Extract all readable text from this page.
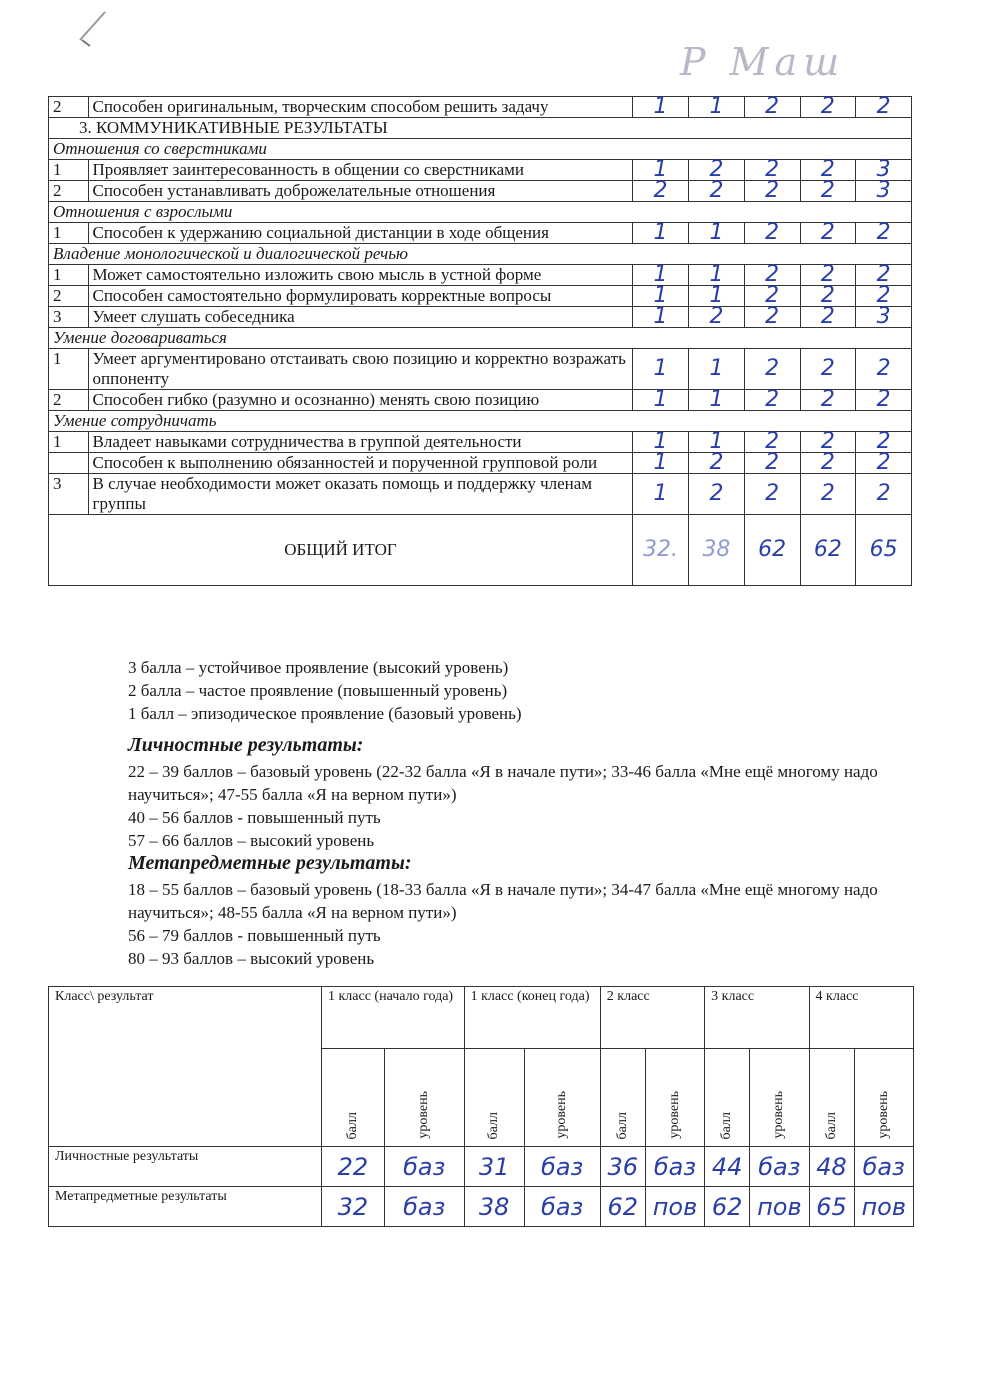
P Маш
2	Способен оригинальным, творческим способом решить задачу	1	1	2	2	2
3. КОММУНИКАТИВНЫЕ РЕЗУЛЬТАТЫ						
Отношения со сверстниками						
1	Проявляет заинтересованность в общении со сверстниками	1	2	2	2	3
2	Способен устанавливать доброжелательные отношения	2	2	2	2	3
Отношения с взрослыми						
1	Способен к удержанию социальной дистанции в ходе общения	1	1	2	2	2
Владение монологической и диалогической речью						
1	Может самостоятельно изложить свою мысль в устной форме	1	1	2	2	2
2	Способен самостоятельно формулировать корректные вопросы	1	1	2	2	2
3	Умеет слушать собеседника	1	2	2	2	3
Умение договариваться						
1	Умеет аргументировано отстаивать свою позицию и корректно возражать оппоненту	1	1	2	2	2
2	Способен гибко (разумно и осознанно) менять свою позицию	1	1	2	2	2
Умение сотрудничать						
1	Владеет навыками сотрудничества в группой деятельности	1	1	2	2	2
	Способен к выполнению обязанностей и порученной групповой роли	1	2	2	2	2
3	В случае необходимости может оказать помощь и поддержку членам группы	1	2	2	2	2
ОБЩИЙ ИТОГ		32.	38	62	62	65
3 балла – устойчивое проявление (высокий уровень)
2 балла – частое проявление (повышенный уровень)
1 балл – эпизодическое проявление (базовый уровень)
Личностные результаты:
22 – 39 баллов – базовый уровень (22-32 балла «Я в начале пути»; 33-46 балла «Мне ещё многому надо научиться»; 47-55 балла «Я на верном пути»)
40 – 56 баллов - повышенный путь
57 – 66 баллов – высокий уровень
Метапредметные результаты:
18 – 55 баллов – базовый уровень (18-33 балла «Я в начале пути»; 34-47 балла «Мне ещё многому надо научиться»; 48-55 балла «Я на верном пути»)
56 – 79 баллов - повышенный путь
80 – 93 баллов – высокий уровень
Класс\ результат	1 класс (начало года)		1 класс (конец года)		2 класс		3 класс		4 класс	
	балл	уровень	балл	уровень	балл	уровень	балл	уровень	балл	уровень
Личностные результаты	22	баз	31	баз	36	баз	44	баз	48	баз
Метапредметные результаты	32	баз	38	баз	62	пов	62	пов	65	пов
